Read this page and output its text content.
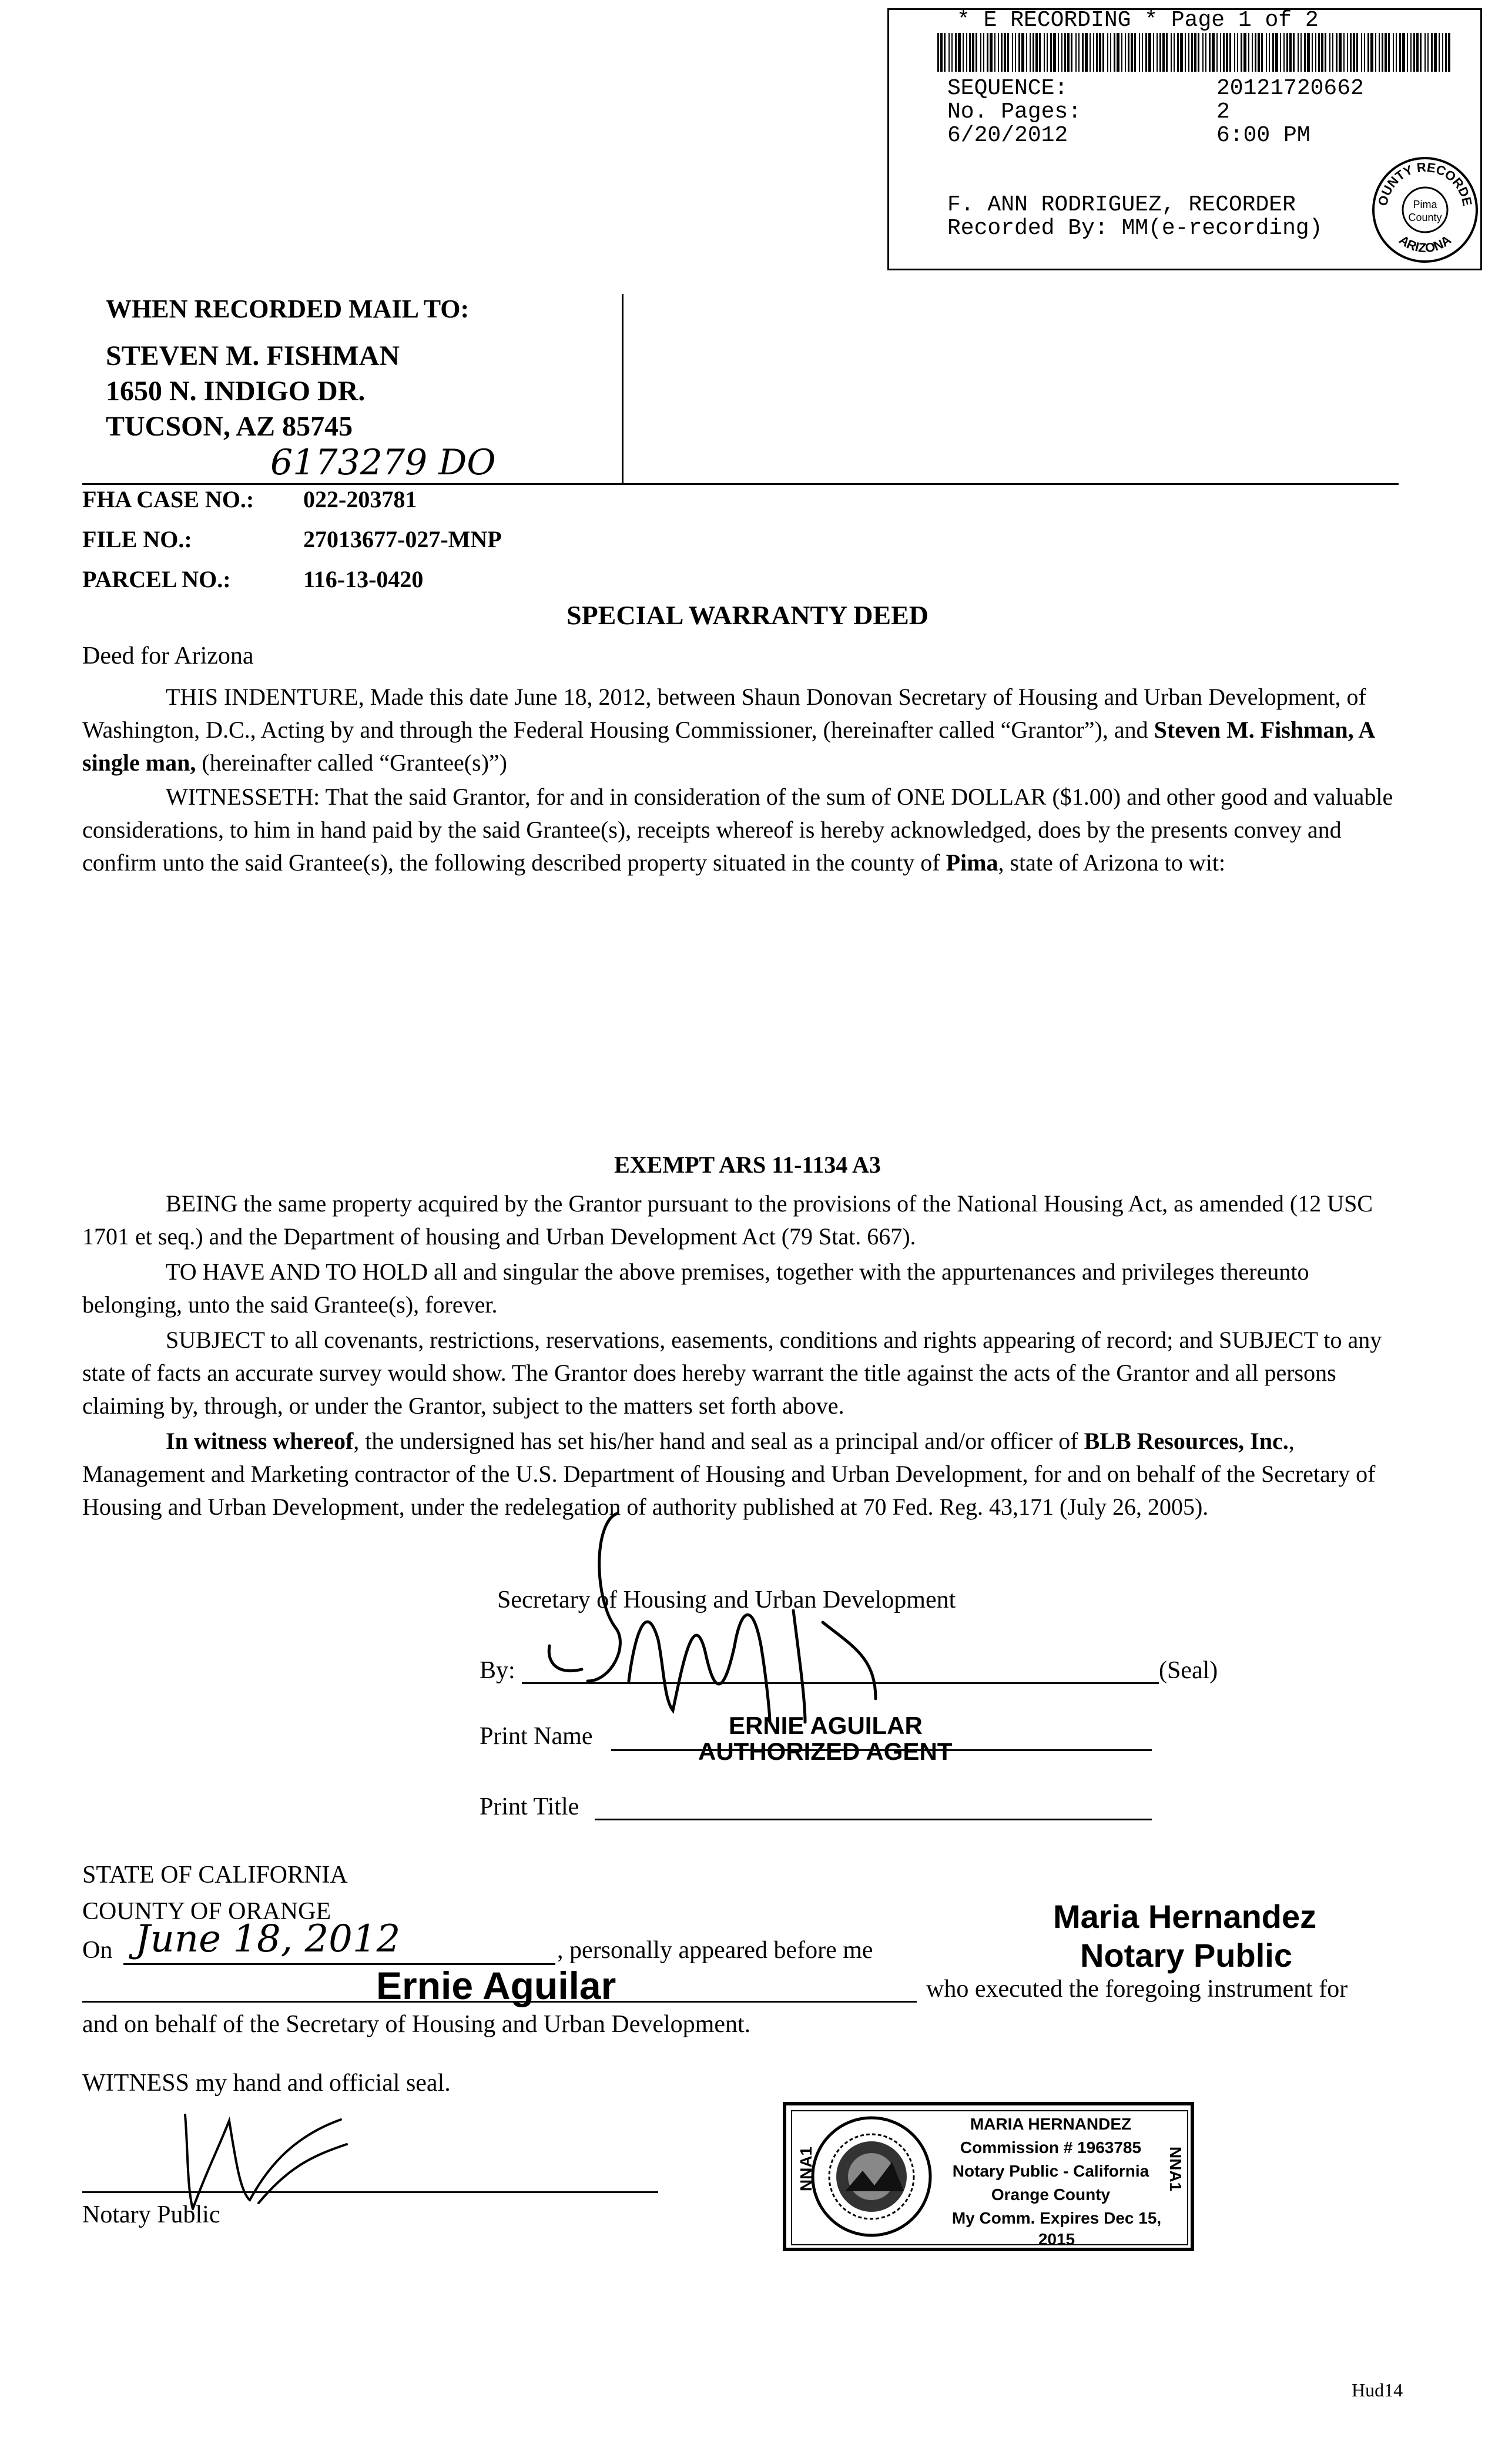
* E RECORDING * Page 1 of 2
SEQUENCE:	20121720662
No. Pages:	2
6/20/2012	6:00 PM
F. ANN RODRIGUEZ, RECORDER
Recorded By: MM(e-recording)
OUNTY RECORDE
ARIZONA
Pima
County
WHEN RECORDED MAIL TO:
STEVEN M. FISHMAN
1650 N. INDIGO DR.
TUCSON, AZ 85745
6173279 DO
FHA CASE NO.: 022-203781
FILE NO.:	27013677-027-MNP
PARCEL NO.:	116-13-0420
SPECIAL WARRANTY DEED
Deed for Arizona
THIS INDENTURE, Made this date June 18, 2012, between Shaun Donovan Secretary of Housing and Urban Development, of Washington, D.C., Acting by and through the Federal Housing Commissioner, (hereinafter called “Grantor”), and Steven M. Fishman, A single man, (hereinafter called “Grantee(s)”)
WITNESSETH: That the said Grantor, for and in consideration of the sum of ONE DOLLAR ($1.00) and other good and valuable considerations, to him in hand paid by the said Grantee(s), receipts whereof is hereby acknowledged, does by the presents convey and confirm unto the said Grantee(s), the following described property situated in the county of Pima, state of Arizona to wit:
EXEMPT ARS 11-1134 A3
BEING the same property acquired by the Grantor pursuant to the provisions of the National Housing Act, as amended (12 USC 1701 et seq.) and the Department of housing and Urban Development Act (79 Stat. 667).
TO HAVE AND TO HOLD all and singular the above premises, together with the appurtenances and privileges thereunto belonging, unto the said Grantee(s), forever.
SUBJECT to all covenants, restrictions, reservations, easements, conditions and rights appearing of record; and SUBJECT to any state of facts an accurate survey would show. The Grantor does hereby warrant the title against the acts of the Grantor and all persons claiming by, through, or under the Grantor, subject to the matters set forth above.
In witness whereof, the undersigned has set his/her hand and seal as a principal and/or officer of BLB Resources, Inc., Management and Marketing contractor of the U.S. Department of Housing and Urban Development, for and on behalf of the Secretary of Housing and Urban Development, under the redelegation of authority published at 70 Fed. Reg. 43,171 (July 26, 2005).
Secretary of Housing and Urban Development
By:	(Seal)
Print Name	ERNIE AGUILAR
AUTHORIZED AGENT
Print Title
STATE OF CALIFORNIA
COUNTY OF ORANGE
On June 18, 2012	, personally appeared before me
Ernie Aguilar	who executed the foregoing instrument for
and on behalf of the Secretary of Housing and Urban Development.
Maria Hernandez
Notary Public
WITNESS my hand and official seal.
Notary Public
NNA1	NNA1
MARIA HERNANDEZ
Commission # 1963785
Notary Public - California
Orange County
My Comm. Expires Dec 15, 2015
Hud14
